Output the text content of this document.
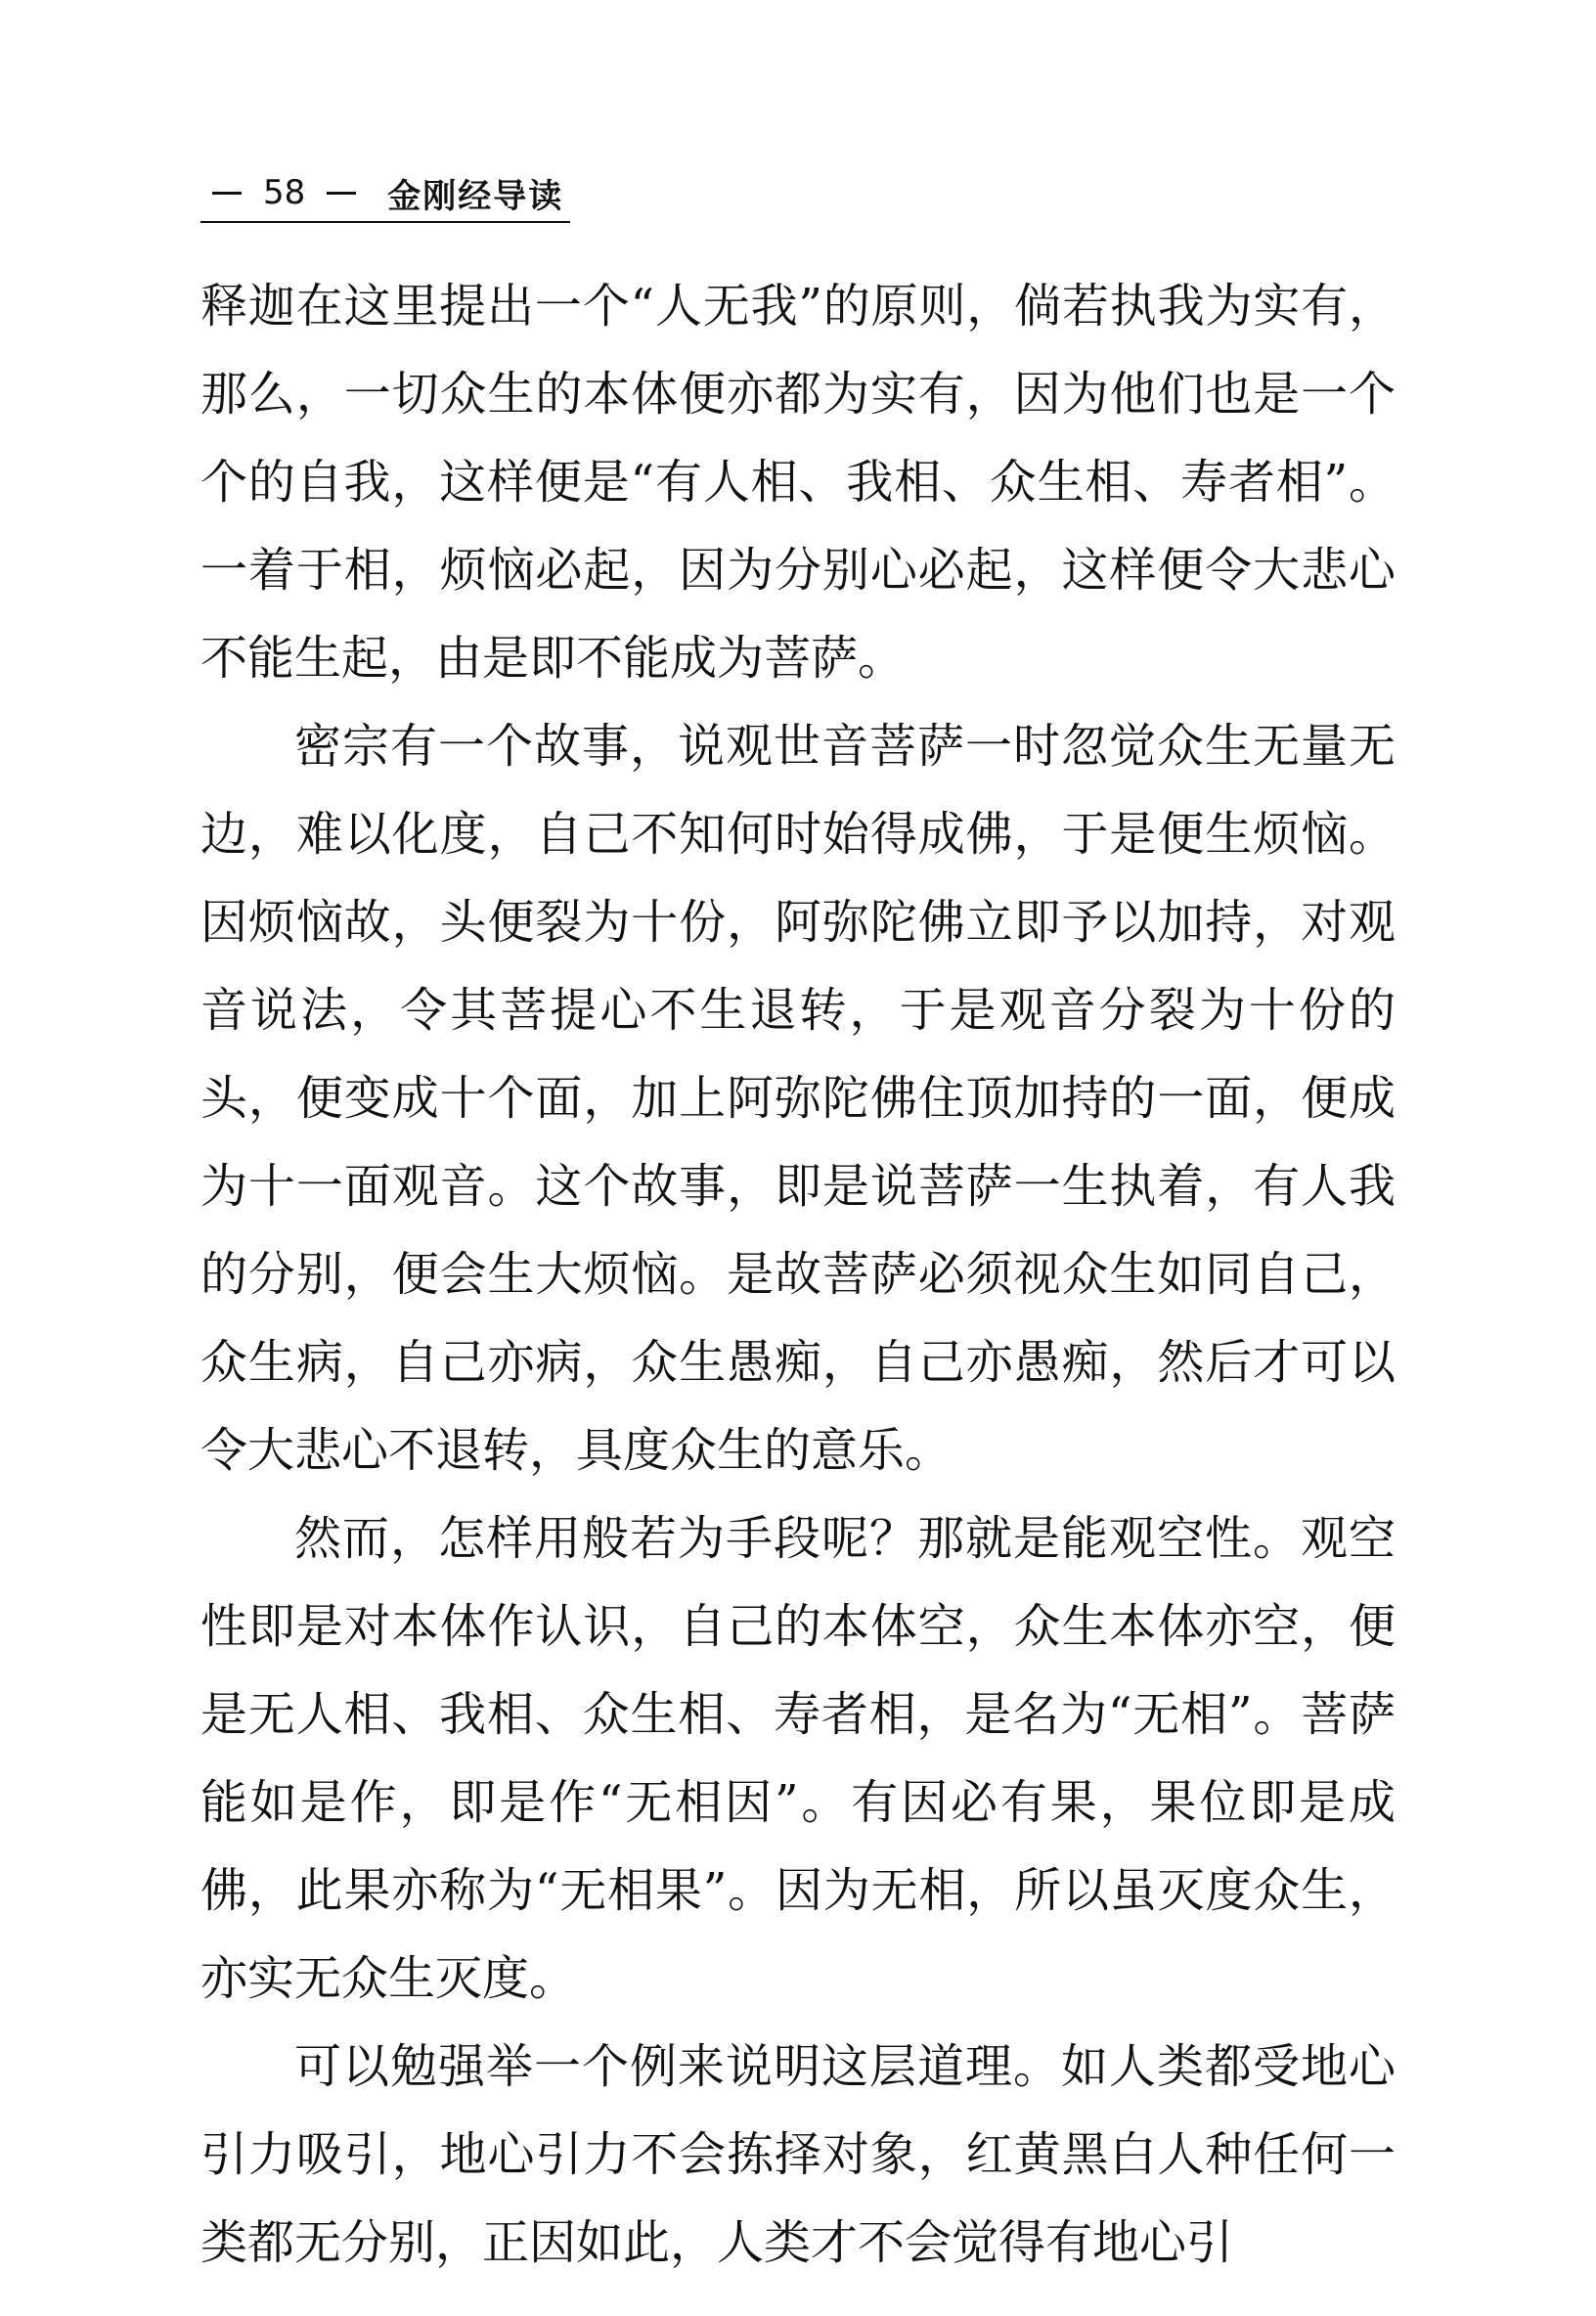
58 金刚经导读

释迦在这里提出一个“人无我”的原则，倘若执我为实有，那么，一切众生的本体便亦都为实有，因为他们也是一个个的自我，这样便是“有人相、我相、众生相、寿者相”。一着于相，烦恼必起，因为分别心必起，这样便令大悲心不能生起，由是即不能成为菩萨。

密宗有一个故事，说观世音菩萨一时忽觉众生无量无边，难以化度，自己不知何时始得成佛，于是便生烦恼。因烦恼故，头便裂为十份，阿弥陀佛立即予以加持，对观音说法，令其菩提心不生退转，于是观音分裂为十份的头，便变成十个面，加上阿弥陀佛住顶加持的一面，便成为十一面观音。这个故事，即是说菩萨一生执着，有人我的分别，便会生大烦恼。是故菩萨必须视众生如同自己，众生病，自己亦病，众生愚痴，自己亦愚痴，然后才可以令大悲心不退转，具度众生的意乐。

然而，怎样用般若为手段呢？那就是能观空性。观空性即是对本体作认识，自己的本体空，众生本体亦空，便是无人相、我相、众生相、寿者相，是名为“无相”。菩萨能如是作，即是作“无相因”。有因必有果，果位即是成佛，此果亦称为“无相果”。因为无相，所以虽灭度众生，亦实无众生灭度。

可以勉强举一个例来说明这层道理。如人类都受地心引力吸引，地心引力不会拣择对象，红黄黑白人种任何一类都无分别，正因如此，人类才不会觉得有地心引
